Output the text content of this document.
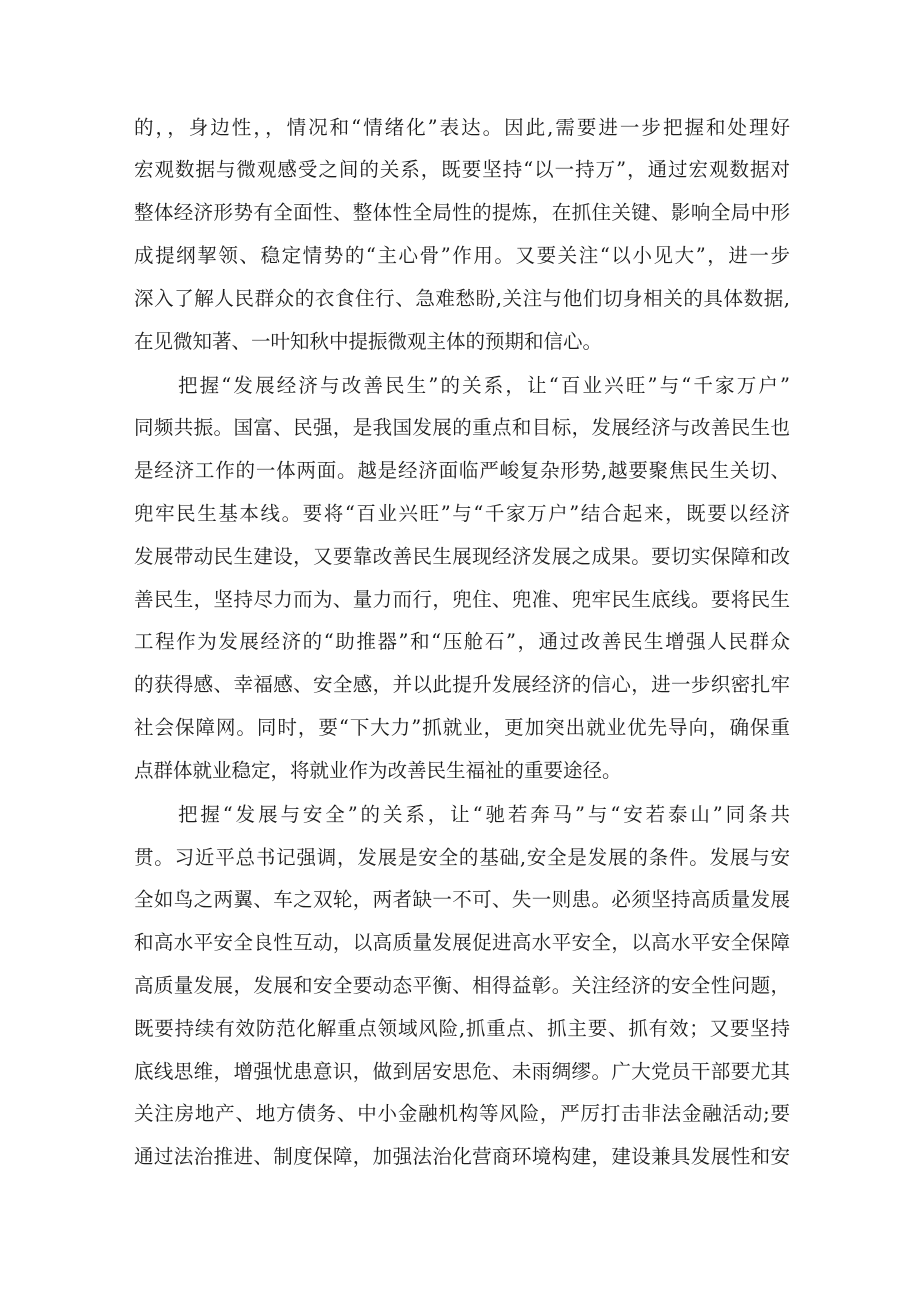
的，，身边性，，情况和“情绪化”表达。因此,需要进一步把握和处理好
宏观数据与微观感受之间的关系，既要坚持“以一持万”，通过宏观数据对
整体经济形势有全面性、整体性全局性的提炼，在抓住关键、影响全局中形
成提纲挈领、稳定情势的“主心骨”作用。又要关注“以小见大”，进一步
深入了解人民群众的衣食住行、急难愁盼,关注与他们切身相关的具体数据,
在见微知著、一叶知秋中提振微观主体的预期和信心。
把握“发展经济与改善民生”的关系，让“百业兴旺”与“千家万户”
同频共振。国富、民强，是我国发展的重点和目标，发展经济与改善民生也
是经济工作的一体两面。越是经济面临严峻复杂形势,越要聚焦民生关切、
兜牢民生基本线。要将“百业兴旺”与“千家万户”结合起来，既要以经济
发展带动民生建设，又要靠改善民生展现经济发展之成果。要切实保障和改
善民生，坚持尽力而为、量力而行，兜住、兜准、兜牢民生底线。要将民生
工程作为发展经济的“助推器”和“压舱石”，通过改善民生增强人民群众
的获得感、幸福感、安全感，并以此提升发展经济的信心，进一步织密扎牢
社会保障网。同时，要“下大力”抓就业，更加突出就业优先导向，确保重
点群体就业稳定，将就业作为改善民生福祉的重要途径。
把握“发展与安全”的关系，让“驰若奔马”与“安若泰山”同条共
贯。习近平总书记强调，发展是安全的基础,安全是发展的条件。发展与安
全如鸟之两翼、车之双轮，两者缺一不可、失一则患。必须坚持高质量发展
和高水平安全良性互动，以高质量发展促进高水平安全，以高水平安全保障
高质量发展，发展和安全要动态平衡、相得益彰。关注经济的安全性问题，
既要持续有效防范化解重点领域风险,抓重点、抓主要、抓有效；又要坚持
底线思维，增强忧患意识，做到居安思危、未雨绸缪。广大党员干部要尤其
关注房地产、地方债务、中小金融机构等风险，严厉打击非法金融活动;要
通过法治推进、制度保障，加强法治化营商环境构建，建设兼具发展性和安
